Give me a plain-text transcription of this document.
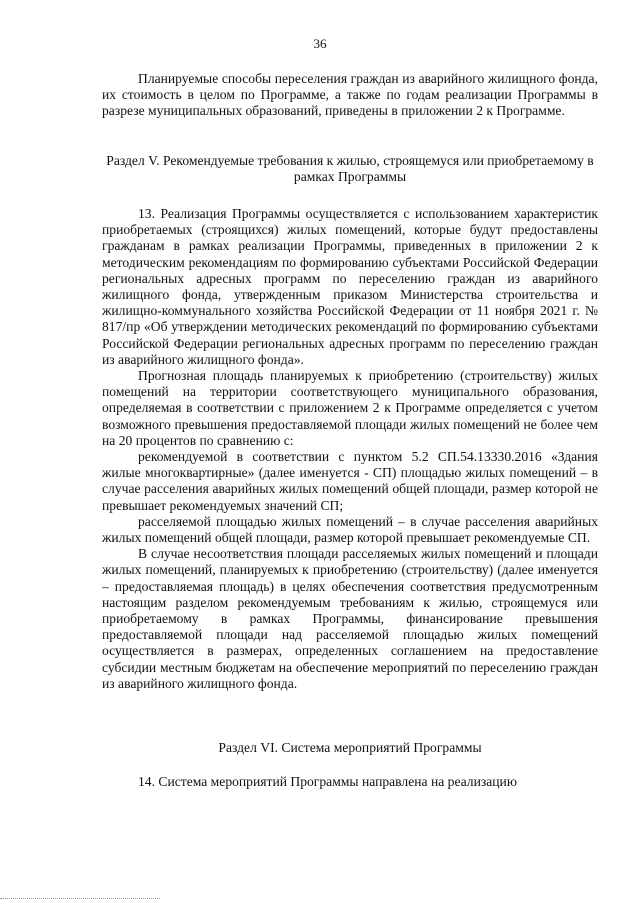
36

Планируемые способы переселения граждан из аварийного жилищного фонда, их стоимость в целом по Программе, а также по годам реализации Программы в разрезе муниципальных образований, приведены в приложении 2 к Программе.

Раздел V. Рекомендуемые требования к жилью, строящемуся или приобретаемому в рамках Программы

13. Реализация Программы осуществляется с использованием характеристик приобретаемых (строящихся) жилых помещений, которые будут предоставлены гражданам в рамках реализации Программы, приведенных в приложении 2 к методическим рекомендациям по формированию субъектами Российской Федерации региональных адресных программ по переселению граждан из аварийного жилищного фонда, утвержденным приказом Министерства строительства и жилищно-коммунального хозяйства Российской Федерации от 11 ноября 2021 г. № 817/пр «Об утверждении методических рекомендаций по формированию субъектами Российской Федерации региональных адресных программ по переселению граждан из аварийного жилищного фонда».

Прогнозная площадь планируемых к приобретению (строительству) жилых помещений на территории соответствующего муниципального образования, определяемая в соответствии с приложением 2 к Программе определяется с учетом возможного превышения предоставляемой площади жилых помещений не более чем на 20 процентов по сравнению с:

рекомендуемой в соответствии с пунктом 5.2 СП.54.13330.2016 «Здания жилые многоквартирные» (далее именуется - СП) площадью жилых помещений – в случае расселения аварийных жилых помещений общей площади, размер которой не превышает рекомендуемых значений СП;

расселяемой площадью жилых помещений – в случае расселения аварийных жилых помещений общей площади, размер которой превышает рекомендуемые СП.

В случае несоответствия площади расселяемых жилых помещений и площади жилых помещений, планируемых к приобретению (строительству) (далее именуется – предоставляемая площадь) в целях обеспечения соответствия предусмотренным настоящим разделом рекомендуемым требованиям к жилью, строящемуся или приобретаемому в рамках Программы, финансирование превышения предоставляемой площади над расселяемой площадью жилых помещений осуществляется в размерах, определенных соглашением на предоставление субсидии местным бюджетам на обеспечение мероприятий по переселению граждан из аварийного жилищного фонда.

Раздел VI. Система мероприятий Программы

14. Система мероприятий Программы направлена на реализацию
